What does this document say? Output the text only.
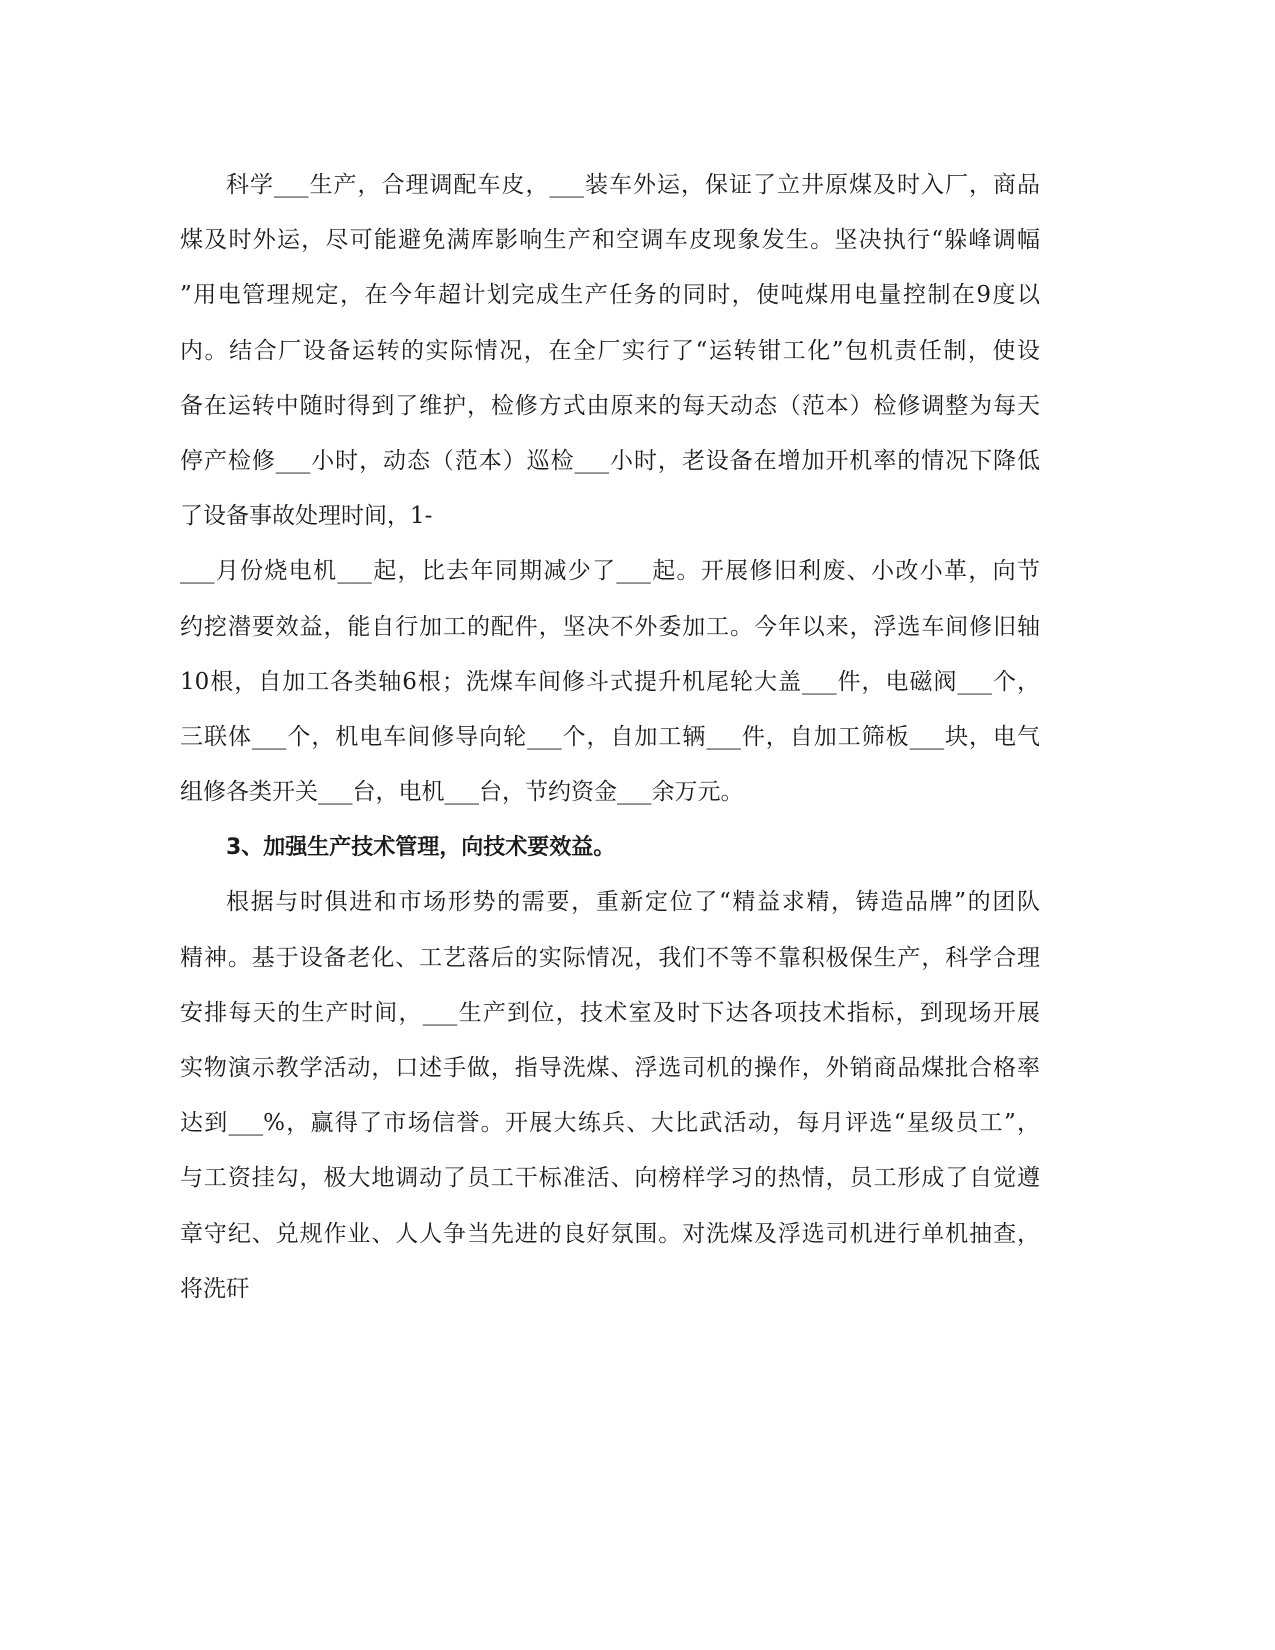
科学___生产，合理调配车皮，___装车外运，保证了立井原煤及时入厂，商品
煤及时外运，尽可能避免满库影响生产和空调车皮现象发生。坚决执行“躲峰调幅
”用电管理规定，在今年超计划完成生产任务的同时，使吨煤用电量控制在9度以
内。结合厂设备运转的实际情况，在全厂实行了“运转钳工化”包机责任制，使设
备在运转中随时得到了维护，检修方式由原来的每天动态（范本）检修调整为每天
停产检修___小时，动态（范本）巡检___小时，老设备在增加开机率的情况下降低
了设备事故处理时间，1-
___月份烧电机___起，比去年同期减少了___起。开展修旧利废、小改小革，向节
约挖潜要效益，能自行加工的配件，坚决不外委加工。今年以来，浮选车间修旧轴
10根，自加工各类轴6根；洗煤车间修斗式提升机尾轮大盖___件，电磁阀___个，
三联体___个，机电车间修导向轮___个，自加工辆___件，自加工筛板___块，电气
组修各类开关___台，电机___台，节约资金___余万元。
3、加强生产技术管理，向技术要效益。
根据与时俱进和市场形势的需要，重新定位了“精益求精，铸造品牌”的团队
精神。基于设备老化、工艺落后的实际情况，我们不等不靠积极保生产，科学合理
安排每天的生产时间，___生产到位，技术室及时下达各项技术指标，到现场开展
实物演示教学活动，口述手做，指导洗煤、浮选司机的操作，外销商品煤批合格率
达到___%，赢得了市场信誉。开展大练兵、大比武活动，每月评选“星级员工”，
与工资挂勾，极大地调动了员工干标准活、向榜样学习的热情，员工形成了自觉遵
章守纪、兑规作业、人人争当先进的良好氛围。对洗煤及浮选司机进行单机抽查，
将洗矸
